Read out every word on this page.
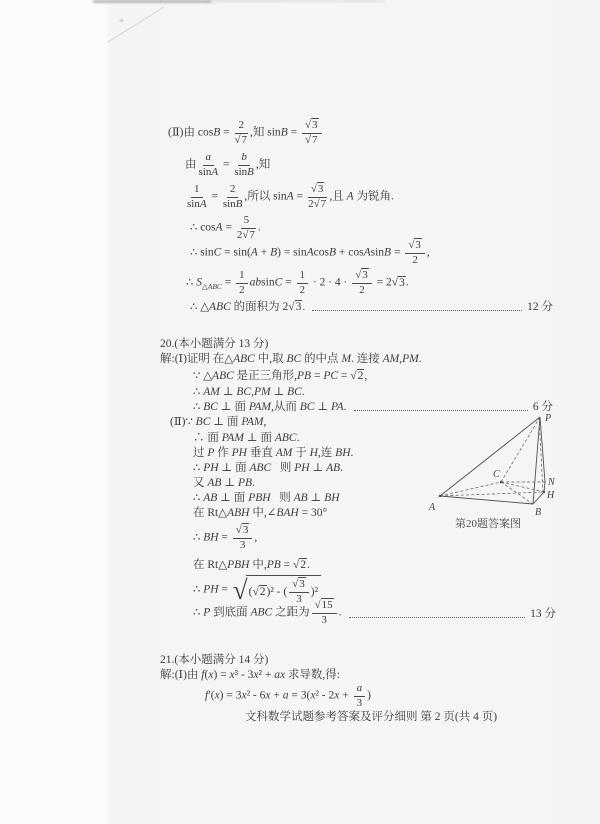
(Ⅱ)由 $\cos B = \frac{2}{√7}$ ,知 $\sin B = \frac{√3}{√7}$
由 $\frac{a}{\sin A} = \frac{b}{\sin B}$ ,知
$\frac{1}{\sin A} = \frac{2}{\sin B}$ ,所以 $\sin A = \frac{√3}{2√7}$ ,且 A 为锐角.
∴ $\cos A = \frac{5}{2√7}$ .
∴ sinC = sin(A + B) = sinAcosB + cosAsinB = $\frac{√3}{2}$ ,
∴ $S_{\triangle ABC} = \frac{1}{2}$ $absinC = \frac{1}{2} \cdot 2 \cdot 4 \cdot \frac{√3}{2} = 2√3$.
∴ △ABC 的面积为 2√3.	12 分
20.(本小题满分 13 分)
解:(Ⅰ)证明 在△ABC 中,取 BC 的中点 M. 连接 AM,PM.
∵ △ABC 是正三角形,PB = PC = √2,
∴ AM ⊥ BC,PM ⊥ BC.
∴ BC ⊥ 面 PAM,从而 BC ⊥ PA.	6 分
(Ⅱ)∵ BC ⊥ 面 PAM,
∴ 面 PAM ⊥ 面 ABC.
过 P 作 PH 垂直 AM 于 H,连 BH.
∴ PH ⊥ 面 ABC   则 PH ⊥ AB.
又 AB ⊥ PB.
∴ AB ⊥ 面 PBH   则 AB ⊥ BH
在 Rt△ABH 中,∠BAH = 30°
∴ BH = $\frac{√3}{3}$ ,
在 Rt△PBH 中,PB = √2.
∴ PH = √ ( √2 )² - (
√3
3
)²
∴ P 到底面 ABC 之距为 $\frac{√15}{3}$ .	13 分
21.(本小题满分 14 分)
解:(Ⅰ)由 f(x) = x³ - 3x² + ax 求导数,得:
$f'(x) = 3x^2 - 6x + a = 3(x^2 - 2x + \frac{a}{3}$ )
P
A	B
C
N
H
第20题答案图
文科数学试题参考答案及评分细则 第 2 页(共 4 页)
